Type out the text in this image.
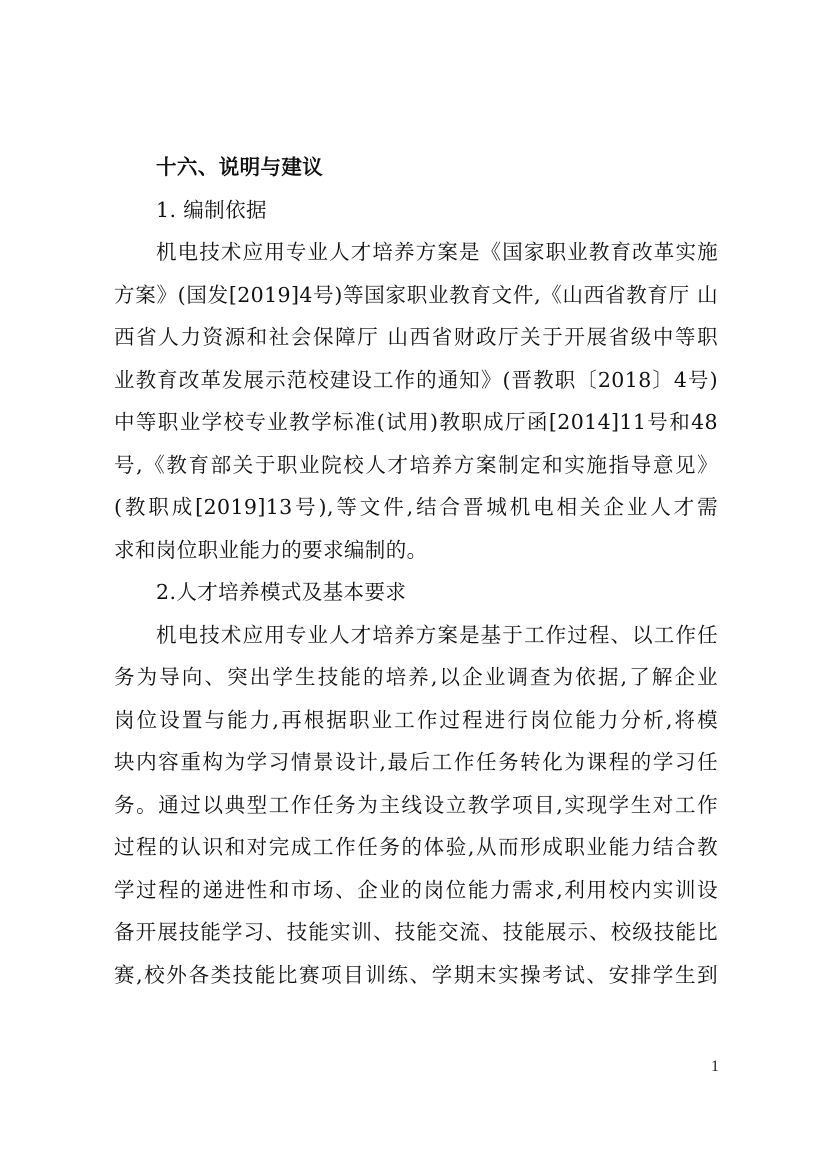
十六、说明与建议
1. 编制依据
机电技术应用专业人才培养方案是《国家职业教育改革实施
方案》(国发[2019]4号)等国家职业教育文件,《山西省教育厅 山
西省人力资源和社会保障厅 山西省财政厅关于开展省级中等职
业教育改革发展示范校建设工作的通知》(晋教职〔2018〕4号)
中等职业学校专业教学标准(试用)教职成厅函[2014]11号和48
号,《教育部关于职业院校人才培养方案制定和实施指导意见》
(教职成[2019]13号),等文件,结合晋城机电相关企业人才需
求和岗位职业能力的要求编制的。
2.人才培养模式及基本要求
机电技术应用专业人才培养方案是基于工作过程、以工作任
务为导向、突出学生技能的培养,以企业调查为依据,了解企业
岗位设置与能力,再根据职业工作过程进行岗位能力分析,将模
块内容重构为学习情景设计,最后工作任务转化为课程的学习任
务。通过以典型工作任务为主线设立教学项目,实现学生对工作
过程的认识和对完成工作任务的体验,从而形成职业能力结合教
学过程的递进性和市场、企业的岗位能力需求,利用校内实训设
备开展技能学习、技能实训、技能交流、技能展示、校级技能比
赛,校外各类技能比赛项目训练、学期末实操考试、安排学生到
1
